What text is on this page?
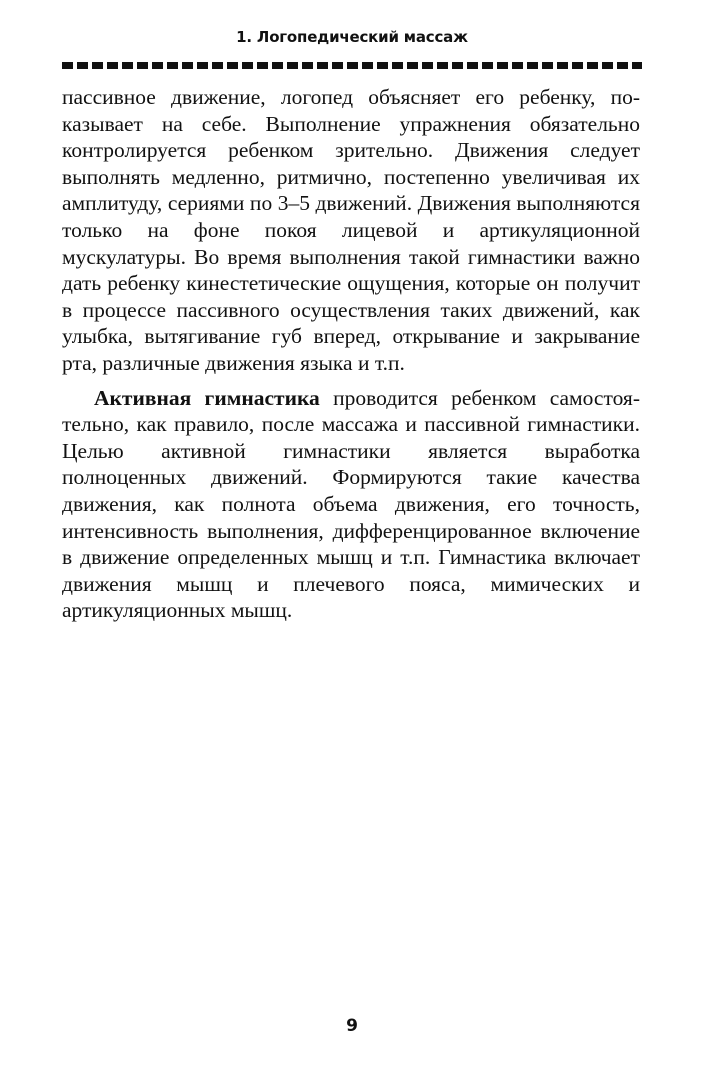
1. Логопедический массаж

пассивное движение, логопед объясняет его ребенку, показывает на себе. Выполнение упражнения обязательно контролируется ребенком зрительно. Движения следует выполнять медленно, ритмично, постепенно увеличивая их амплитуду, сериями по 3–5 движений. Движения выполняются только на фоне покоя лицевой и артикуляционной мускулатуры. Во время выполнения такой гимнастики важно дать ребенку кинестетические ощущения, которые он получит в процессе пассивного осуществления таких движений, как улыбка, вытягивание губ вперед, открывание и закрывание рта, различные движения языка и т.п.

Активная гимнастика проводится ребенком самостоятельно, как правило, после массажа и пассивной гимнастики. Целью активной гимнастики является выработка полноценных движений. Формируются такие качества движения, как полнота объема движения, его точность, интенсивность выполнения, дифференцированное включение в движение определенных мышц и т.п. Гимнастика включает движения мышц и плечевого пояса, мимических и артикуляционных мышц.

9
